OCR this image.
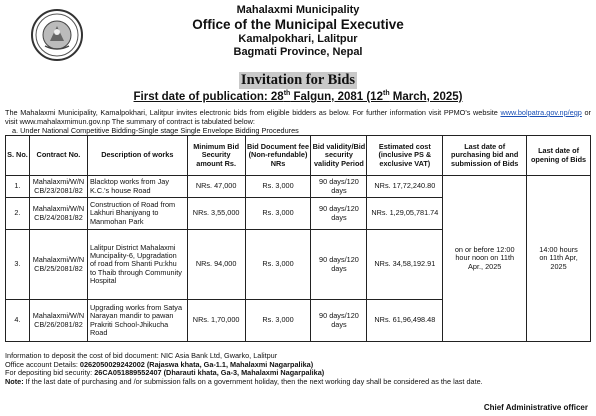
Mahalaxmi Municipality
Office of the Municipal Executive
Kamalpokhari, Lalitpur
Bagmati Province, Nepal
Invitation for Bids
First date of publication: 28th Falgun, 2081 (12th March, 2025)
The Mahalaxmi Municipality, Kamalpokhari, Lalitpur invites electronic bids from eligible bidders as below. For further information visit PPMO's website www.bolpatra.gov.np/egp or visit www.mahalaxmimun.gov.np The summary of contract is tabulated below:
a. Under National Competitive Bidding-Single stage Single Envelope Bidding Procedures
S. No.	Contract No.	Description of works	Minimum Bid Security amount Rs.	Bid Document fee (Non-refundable) NRs	Bid validity/Bid security validity Period	Estimated cost (inclusive PS & exclusive VAT)	Last date of purchasing bid and submission of Bids	Last date of opening of Bids
1.	Mahalaxmi/W/N CB/23/2081/82	Blacktop works from Jay K.C.'s house Road	NRs. 47,000	Rs. 3,000	90 days/120 days	NRs. 17,72,240.80	on or before 12:00 hour noon on 11th Apr., 2025	14:00 hours on 11th Apr, 2025
2.	Mahalaxmi/W/N CB/24/2081/82	Construction of Road from Lakhuri Bhanjyang to Manmohan Park	NRs. 3,55,000	Rs. 3,000	90 days/120 days	NRs. 1,29,05,781.74		
3.	Mahalaxmi/W/N CB/25/2081/82	Lalitpur District Mahalaxmi Muncipality-6, Upgradation of road from Shanti Pu:khu to Thaib through Community Hospital	NRs. 94,000	Rs. 3,000	90 days/120 days	NRs. 34,58,192.91		
4.	Mahalaxmi/W/N CB/26/2081/82	Upgrading works from Satya Narayan mandir to pawan Prakriti School-Jhikucha Road	NRs. 1,70,000	Rs. 3,000	90 days/120 days	NRs. 61,96,498.48		
Information to deposit the cost of bid document: NIC Asia Bank Ltd, Gwarko, Lalitpur
Office account Details: 0262050029242002 (Rajaswa khata, Ga-1.1, Mahalaxmi Nagarpalika)
For depositing bid security: 26CA051889552407 (Dharauti khata, Ga-3, Mahalaxmi Nagarpalika)
Note: If the last date of purchasing and /or submission falls on a government holiday, then the next working day shall be considered as the last date.
Chief Administrative officer
